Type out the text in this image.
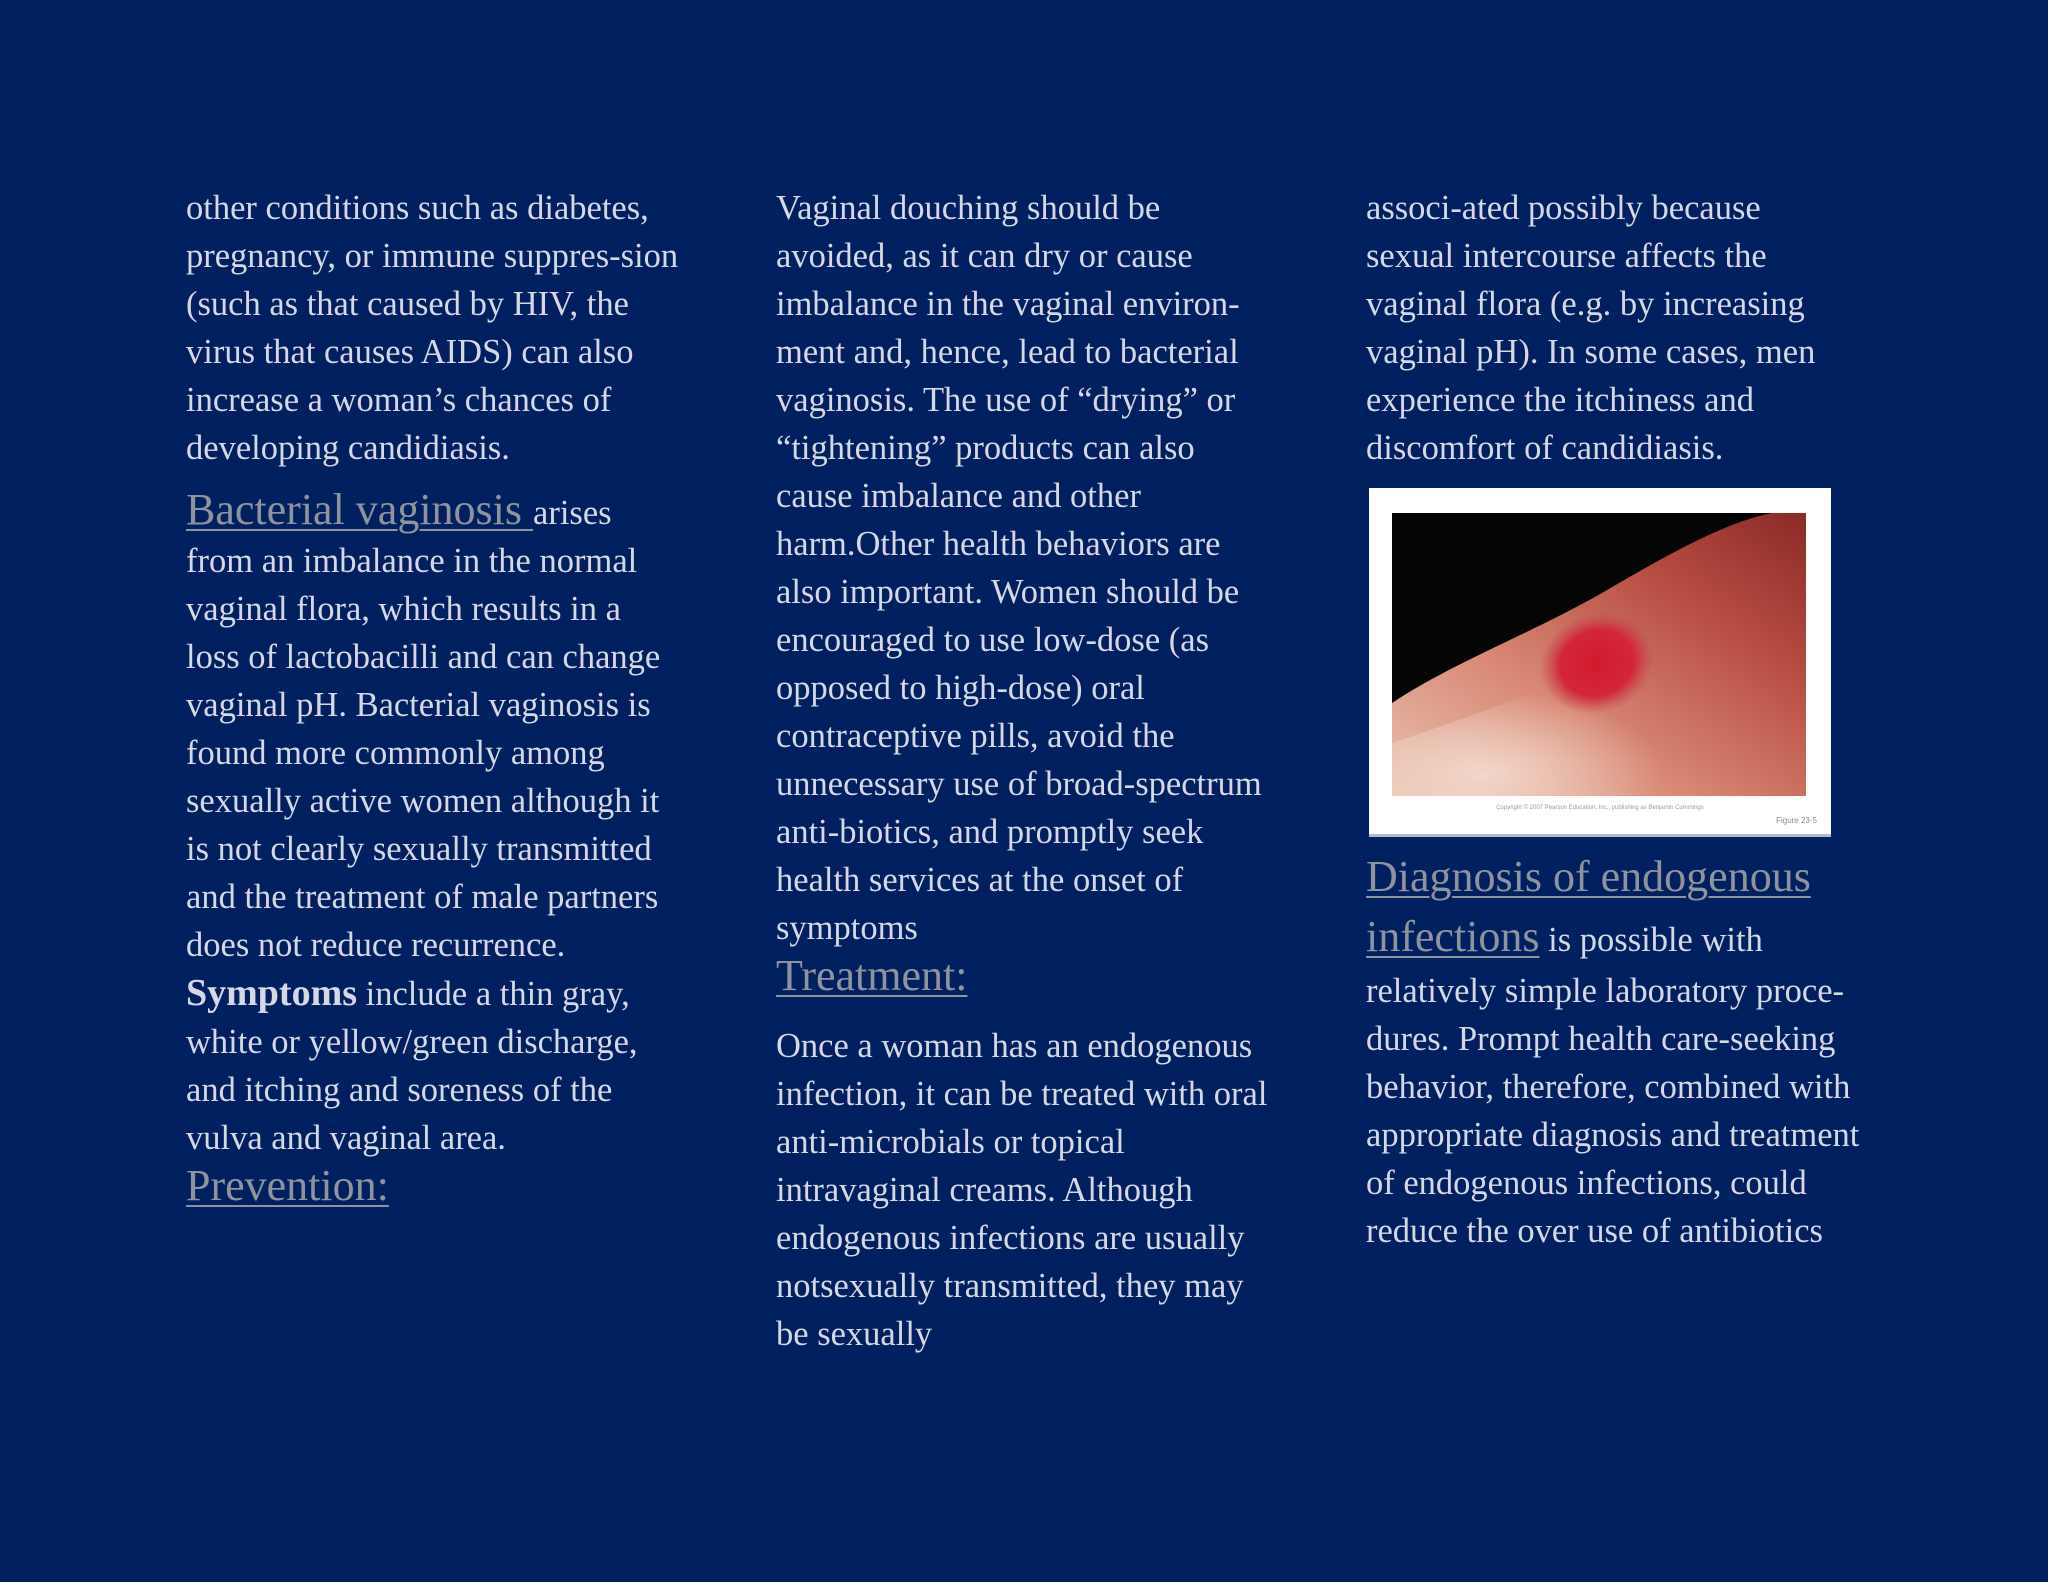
other conditions such as diabetes, pregnancy, or immune suppres-sion (such as that caused by HIV, the virus that causes AIDS) can also increase a woman’s chances of developing candidiasis.

Bacterial vaginosis arises from an imbalance in the normal vaginal flora, which results in a loss of lactobacilli and can change vaginal pH. Bacterial vaginosis is found more commonly among sexually active women although it is not clearly sexually transmitted and the treatment of male partners does not reduce recurrence.

Symptoms include a thin gray, white or yellow/green discharge, and itching and soreness of the vulva and vaginal area.

Prevention:

Vaginal douching should be avoided, as it can dry or cause imbalance in the vaginal environ-ment and, hence, lead to bacterial vaginosis. The use of “drying” or “tightening” products can also cause imbalance and other harm.Other health behaviors are also important. Women should be encouraged to use low-dose (as opposed to high-dose) oral contraceptive pills, avoid the unnecessary use of broad-spectrum anti-biotics, and promptly seek health services at the onset of symptoms

Treatment:

Once a woman has an endogenous infection, it can be treated with oral anti-microbials or topical intravaginal creams. Although endogenous infections are usually notsexually transmitted, they may be sexually

associ-ated possibly because sexual intercourse affects the vaginal flora (e.g. by increasing vaginal pH). In some cases, men experience the itchiness and discomfort of candidiasis.

Copyright © 2007 Pearson Education, Inc., publishing as Benjamin Cummings
Figure 23-5

Diagnosis of endogenous infections is possible with relatively simple laboratory proce-dures. Prompt health care-seeking behavior, therefore, combined with appropriate diagnosis and treatment of endogenous infections, could reduce the over use of antibiotics
